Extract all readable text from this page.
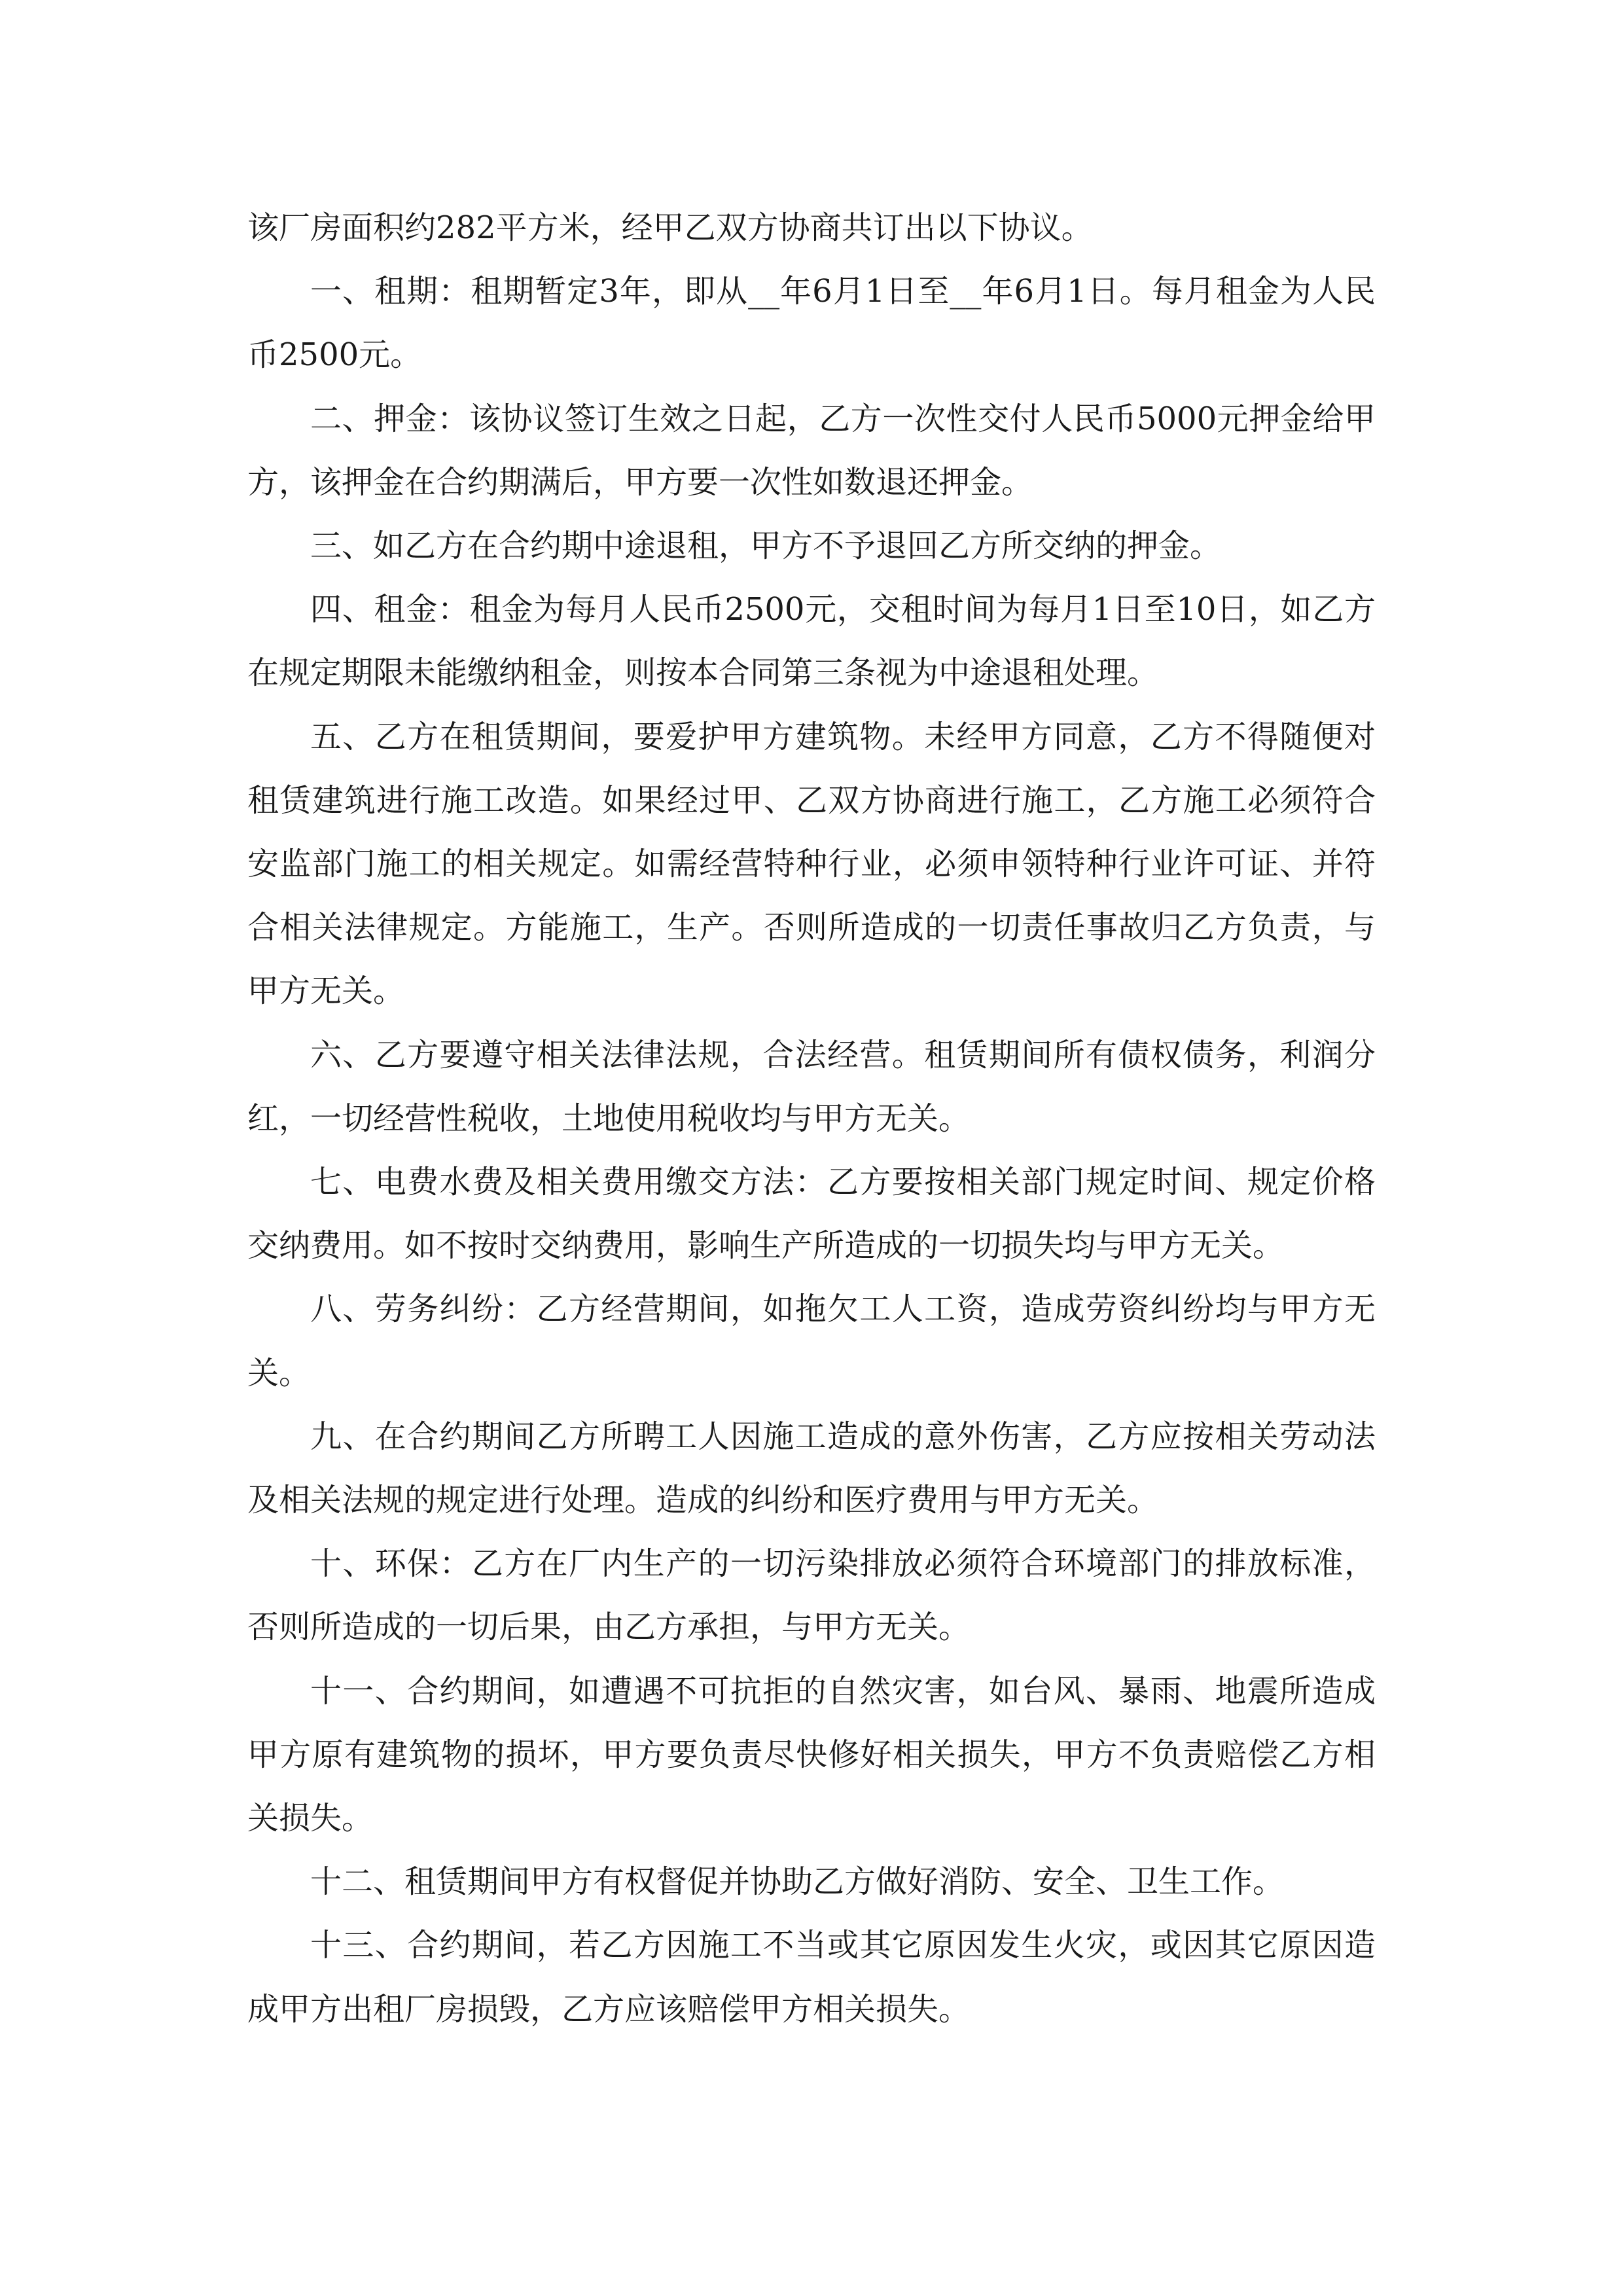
该厂房面积约282平方米，经甲乙双方协商共订出以下协议。

一、租期：租期暂定3年，即从__年6月1日至__年6月1日。每月租金为人民币2500元。

二、押金：该协议签订生效之日起，乙方一次性交付人民币5000元押金给甲方，该押金在合约期满后，甲方要一次性如数退还押金。

三、如乙方在合约期中途退租，甲方不予退回乙方所交纳的押金。

四、租金：租金为每月人民币2500元，交租时间为每月1日至10日，如乙方在规定期限未能缴纳租金，则按本合同第三条视为中途退租处理。

五、乙方在租赁期间，要爱护甲方建筑物。未经甲方同意，乙方不得随便对租赁建筑进行施工改造。如果经过甲、乙双方协商进行施工，乙方施工必须符合安监部门施工的相关规定。如需经营特种行业，必须申领特种行业许可证、并符合相关法律规定。方能施工，生产。否则所造成的一切责任事故归乙方负责，与甲方无关。

六、乙方要遵守相关法律法规，合法经营。租赁期间所有债权债务，利润分红，一切经营性税收，土地使用税收均与甲方无关。

七、电费水费及相关费用缴交方法：乙方要按相关部门规定时间、规定价格交纳费用。如不按时交纳费用，影响生产所造成的一切损失均与甲方无关。

八、劳务纠纷：乙方经营期间，如拖欠工人工资，造成劳资纠纷均与甲方无关。

九、在合约期间乙方所聘工人因施工造成的意外伤害，乙方应按相关劳动法及相关法规的规定进行处理。造成的纠纷和医疗费用与甲方无关。

十、环保：乙方在厂内生产的一切污染排放必须符合环境部门的排放标准，否则所造成的一切后果，由乙方承担，与甲方无关。

十一、合约期间，如遭遇不可抗拒的自然灾害，如台风、暴雨、地震所造成甲方原有建筑物的损坏，甲方要负责尽快修好相关损失，甲方不负责赔偿乙方相关损失。

十二、租赁期间甲方有权督促并协助乙方做好消防、安全、卫生工作。

十三、合约期间，若乙方因施工不当或其它原因发生火灾，或因其它原因造成甲方出租厂房损毁，乙方应该赔偿甲方相关损失。
